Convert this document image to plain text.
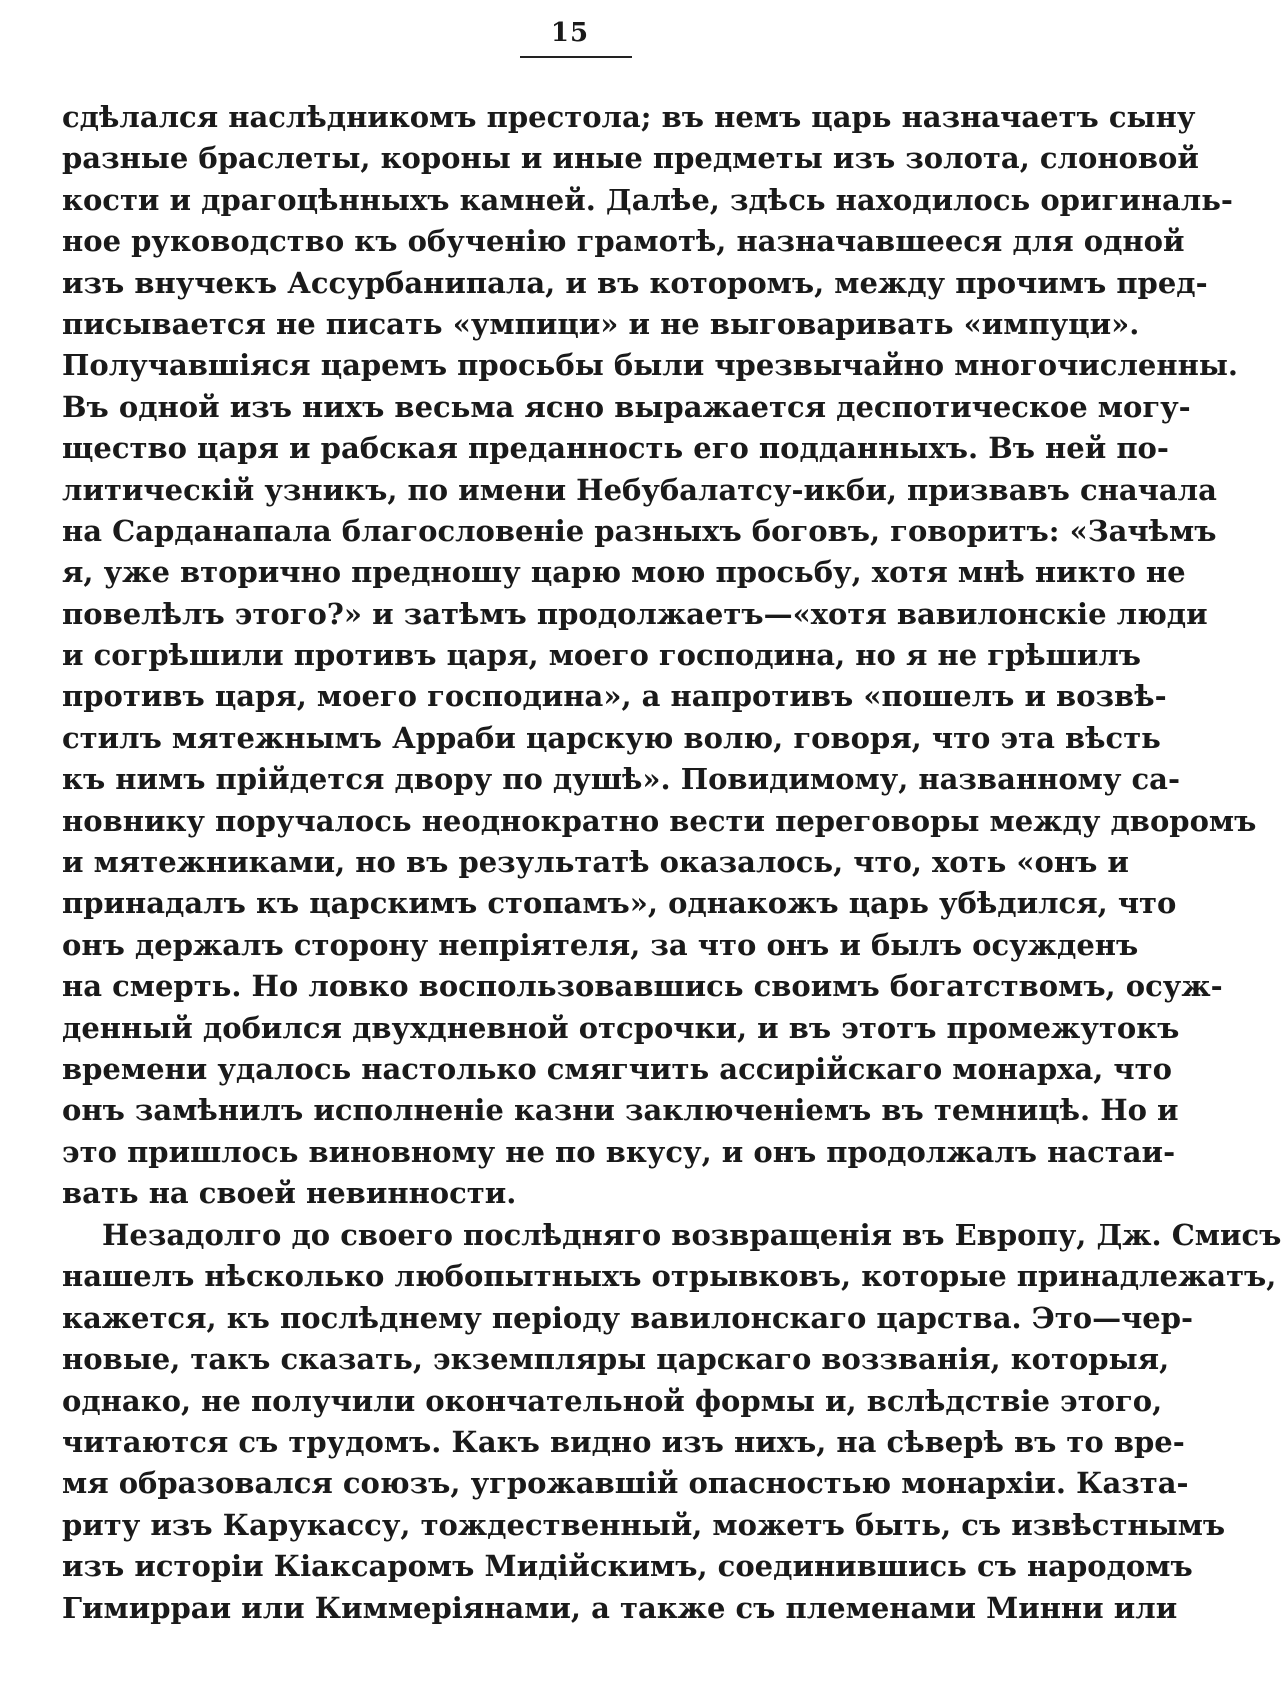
15
сдѣлался наслѣдникомъ престола; въ немъ царь назначаетъ сыну
разные браслеты, короны и иные предметы изъ золота, слоновой
кости и драгоцѣнныхъ камней. Далѣе, здѣсь находилось оригиналь-
ное руководство къ обученію грамотѣ, назначавшееся для одной
изъ внучекъ Ассурбанипала, и въ которомъ, между прочимъ пред-
писывается не писать «умпици» и не выговаривать «импуци».
Получавшіяся царемъ просьбы были чрезвычайно многочисленны.
Въ одной изъ нихъ весьма ясно выражается деспотическое могу-
щество царя и рабская преданность его подданныхъ. Въ ней по-
литическій узникъ, по имени Небубалатсу-икби, призвавъ сначала
на Сарданапала благословеніе разныхъ боговъ, говоритъ: «Зачѣмъ
я, уже вторично предношу царю мою просьбу, хотя мнѣ никто не
повелѣлъ этого?» и затѣмъ продолжаетъ—«хотя вавилонскіе люди
и согрѣшили противъ царя, моего господина, но я не грѣшилъ
противъ царя, моего господина», а напротивъ «пошелъ и возвѣ-
стилъ мятежнымъ Арраби царскую волю, говоря, что эта вѣсть
къ нимъ прійдется двору по душѣ». Повидимому, названному са-
новнику поручалось неоднократно вести переговоры между дворомъ
и мятежниками, но въ результатѣ оказалось, что, хоть «онъ и
принадалъ къ царскимъ стопамъ», однакожъ царь убѣдился, что
онъ держалъ сторону непріятеля, за что онъ и былъ осужденъ
на смерть. Но ловко воспользовавшись своимъ богатствомъ, осуж-
денный добился двухдневной отсрочки, и въ этотъ промежутокъ
времени удалось настолько смягчить ассирійскаго монарха, что
онъ замѣнилъ исполненіе казни заключеніемъ въ темницѣ. Но и
это пришлось виновному не по вкусу, и онъ продолжалъ настаи-
вать на своей невинности.
Незадолго до своего послѣдняго возвращенія въ Европу, Дж. Смисъ
нашелъ нѣсколько любопытныхъ отрывковъ, которые принадлежатъ,
кажется, къ послѣднему періоду вавилонскаго царства. Это—чер-
новые, такъ сказать, экземпляры царскаго воззванія, которыя,
однако, не получили окончательной формы и, вслѣдствіе этого,
читаются съ трудомъ. Какъ видно изъ нихъ, на сѣверѣ въ то вре-
мя образовался союзъ, угрожавшій опасностью монархіи. Казта-
риту изъ Карукассу, тождественный, можетъ быть, съ извѣстнымъ
изъ исторіи Кіаксаромъ Мидійскимъ, соединившись съ народомъ
Гимирраи или Киммеріянами, а также съ племенами Минни или
